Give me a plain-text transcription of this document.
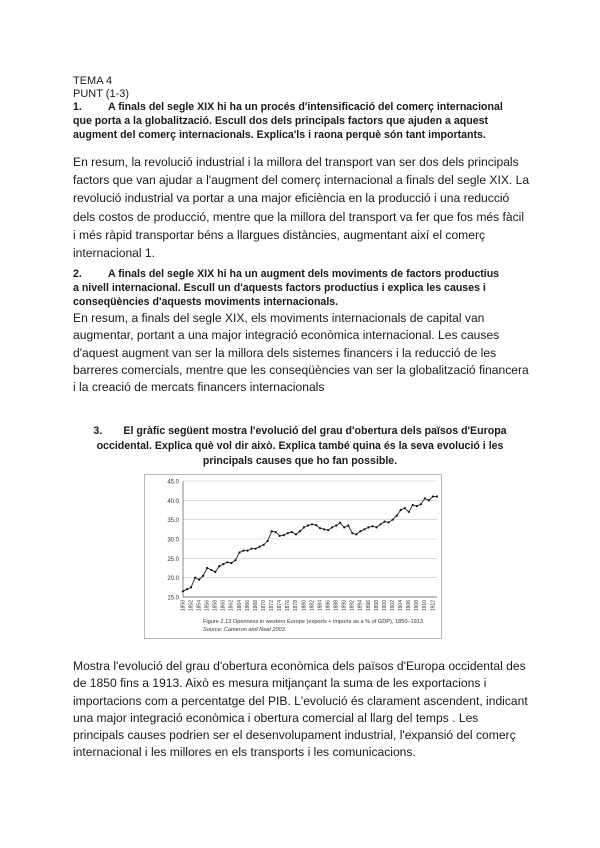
TEMA 4
PUNT (1-3)
1. A finals del segle XIX hi ha un procés d'intensificació del comerç internacional
que porta a la globalització. Escull dos dels principals factors que ajuden a aquest
augment del comerç internacionals. Explica'ls i raona perquè són tant importants.
En resum, la revolució industrial i la millora del transport van ser dos dels principals
factors que van ajudar a l'augment del comerç internacional a finals del segle XIX. La
revolució industrial va portar a una major eficiència en la producció i una reducció
dels costos de producció, mentre que la millora del transport va fer que fos més fàcil
i més ràpid transportar béns a llargues distàncies, augmentant així el comerç
internacional 1.
2. A finals del segle XIX hi ha un augment dels moviments de factors productius
a nivell internacional. Escull un d'aquests factors productius i explica les causes i
conseqüències d'aquests moviments internacionals.
En resum, a finals del segle XIX, els moviments internacionals de capital van
augmentar, portant a una major integració econòmica internacional. Les causes
d'aquest augment van ser la millora dels sistemes financers i la reducció de les
barreres comercials, mentre que les conseqüències van ser la globalització financera
i la creació de mercats financers internacionals
3. El gràfic següent mostra l'evolució del grau d'obertura dels països d'Europa
occidental. Explica què vol dir això. Explica també quina és la seva evolució i les
principals causes que ho fan possible.
15.0
20.0
25.0
30.0
35.0
40.0
45.0
1850 1852 1854 1856 1858 1860 1862 1864 1866 1868 1870 1872 1874 1876 1878 1880 1882 1884 1886 1888 1890 1892 1894 1896 1898 1900 1902 1904 1906 1908 1910 1912
Figure 2.13 Openness in western Europe (exports + imports as a % of GDP), 1850–1913.
Source: Cameron and Neal 2003.
Mostra l'evolució del grau d'obertura econòmica dels països d'Europa occidental des
de 1850 fins a 1913. Això es mesura mitjançant la suma de les exportacions i
importacions com a percentatge del PIB. L'evolució és clarament ascendent, indicant
una major integració econòmica i obertura comercial al llarg del temps . Les
principals causes podrien ser el desenvolupament industrial, l'expansió del comerç
internacional i les millores en els transports i les comunicacions.
